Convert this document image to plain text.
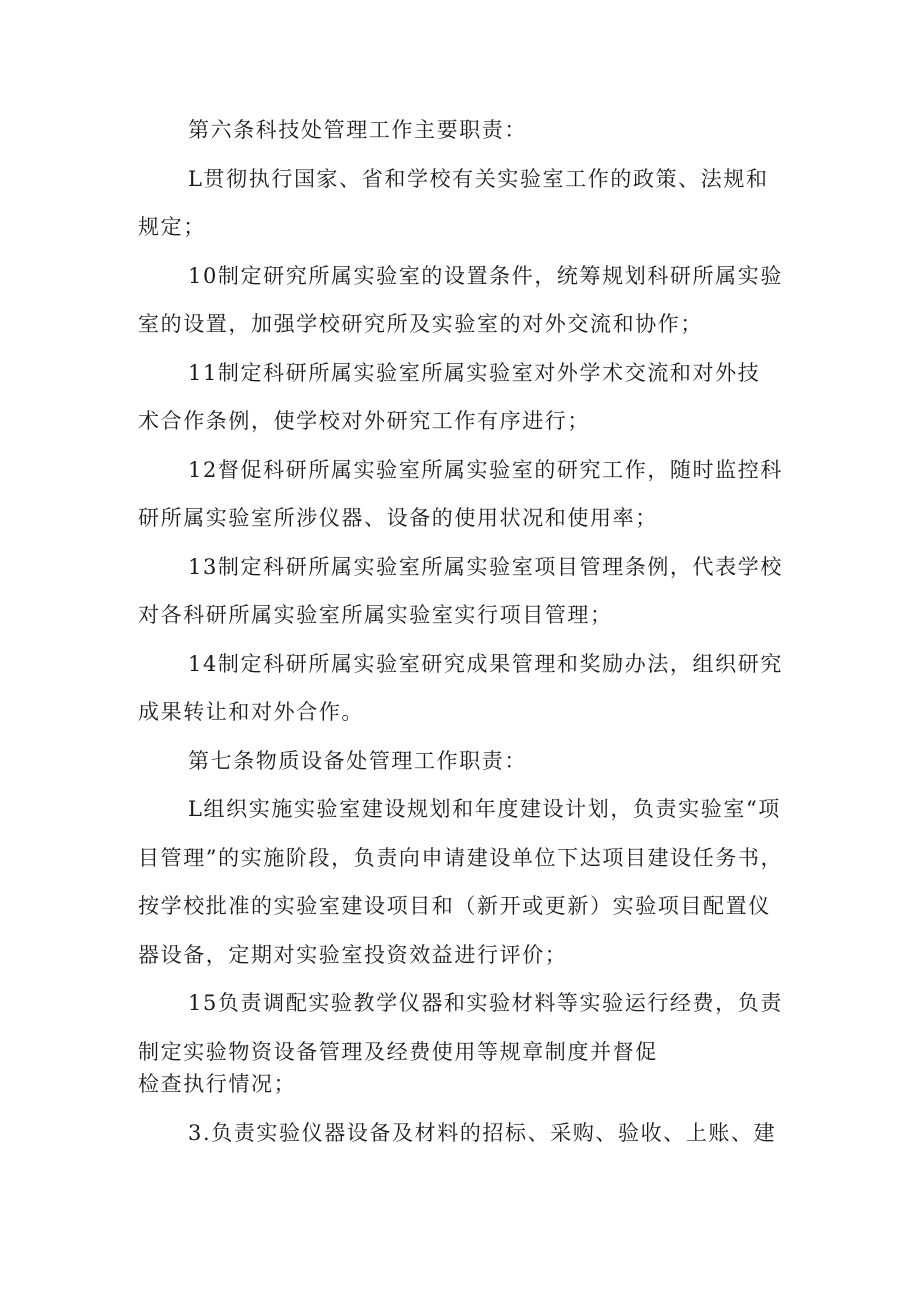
第六条科技处管理工作主要职责：
L贯彻执行国家、省和学校有关实验室工作的政策、法规和
规定；
10制定研究所属实验室的设置条件，统筹规划科研所属实验
室的设置，加强学校研究所及实验室的对外交流和协作；
11制定科研所属实验室所属实验室对外学术交流和对外技
术合作条例，使学校对外研究工作有序进行；
12督促科研所属实验室所属实验室的研究工作，随时监控科
研所属实验室所涉仪器、设备的使用状况和使用率；
13制定科研所属实验室所属实验室项目管理条例，代表学校
对各科研所属实验室所属实验室实行项目管理；
14制定科研所属实验室研究成果管理和奖励办法，组织研究
成果转让和对外合作。
第七条物质设备处管理工作职责：
L组织实施实验室建设规划和年度建设计划，负责实验室“项
目管理”的实施阶段，负责向申请建设单位下达项目建设任务书，
按学校批准的实验室建设项目和（新开或更新）实验项目配置仪
器设备，定期对实验室投资效益进行评价；
15负责调配实验教学仪器和实验材料等实验运行经费，负责
制定实验物资设备管理及经费使用等规章制度并督促
检查执行情况；
3.负责实验仪器设备及材料的招标、采购、验收、上账、建
